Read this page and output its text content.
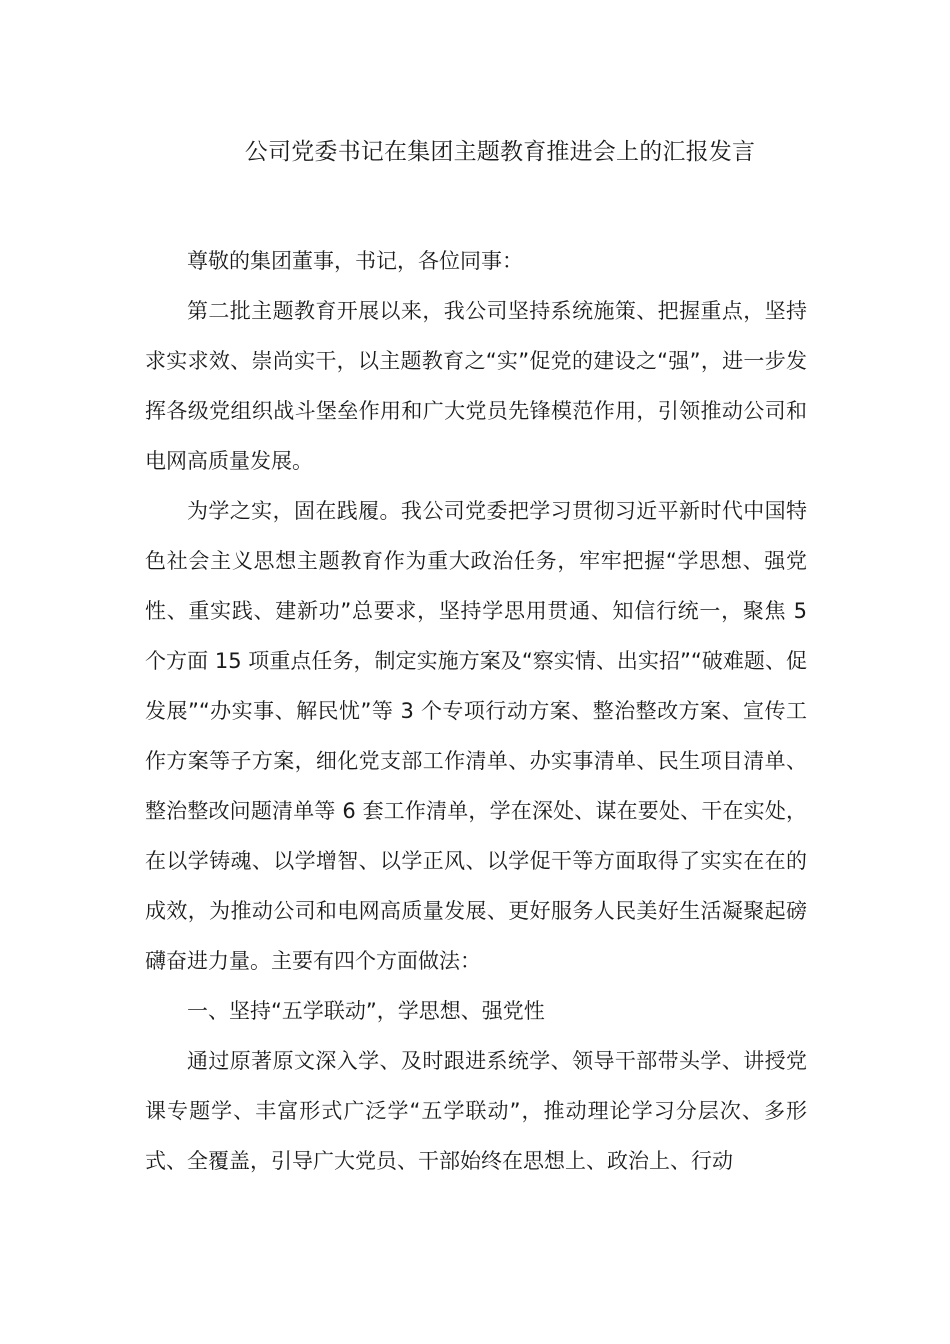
公司党委书记在集团主题教育推进会上的汇报发言

尊敬的集团董事，书记，各位同事：

第二批主题教育开展以来，我公司坚持系统施策、把握重点，坚持求实求效、崇尚实干，以主题教育之“实”促党的建设之“强”，进一步发挥各级党组织战斗堡垒作用和广大党员先锋模范作用，引领推动公司和电网高质量发展。

为学之实，固在践履。我公司党委把学习贯彻习近平新时代中国特色社会主义思想主题教育作为重大政治任务，牢牢把握“学思想、强党性、重实践、建新功”总要求，坚持学思用贯通、知信行统一，聚焦 5 个方面 15 项重点任务，制定实施方案及“察实情、出实招”“破难题、促发展”“办实事、解民忧”等 3 个专项行动方案、整治整改方案、宣传工作方案等子方案，细化党支部工作清单、办实事清单、民生项目清单、整治整改问题清单等 6 套工作清单，学在深处、谋在要处、干在实处，在以学铸魂、以学增智、以学正风、以学促干等方面取得了实实在在的成效，为推动公司和电网高质量发展、更好服务人民美好生活凝聚起磅礴奋进力量。主要有四个方面做法：

一、坚持“五学联动”，学思想、强党性

通过原著原文深入学、及时跟进系统学、领导干部带头学、讲授党课专题学、丰富形式广泛学“五学联动”，推动理论学习分层次、多形式、全覆盖，引导广大党员、干部始终在思想上、政治上、行动
